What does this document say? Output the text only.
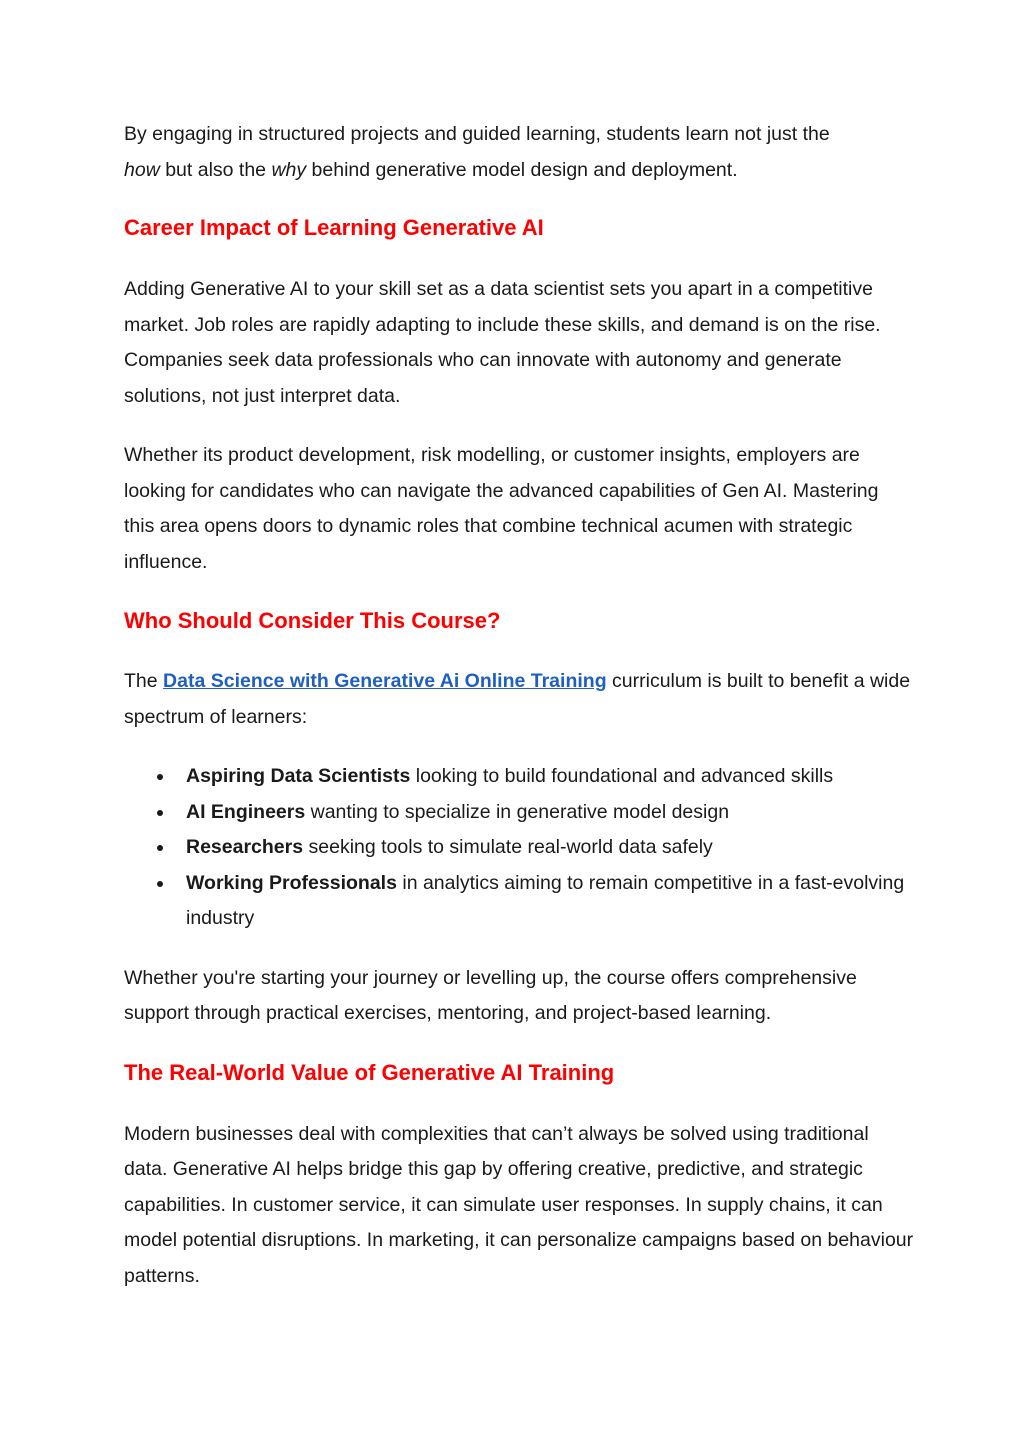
By engaging in structured projects and guided learning, students learn not just the
how but also the why behind generative model design and deployment.

Career Impact of Learning Generative AI

Adding Generative AI to your skill set as a data scientist sets you apart in a competitive market. Job roles are rapidly adapting to include these skills, and demand is on the rise. Companies seek data professionals who can innovate with autonomy and generate solutions, not just interpret data.

Whether its product development, risk modelling, or customer insights, employers are looking for candidates who can navigate the advanced capabilities of Gen AI. Mastering this area opens doors to dynamic roles that combine technical acumen with strategic influence.

Who Should Consider This Course?

The Data Science with Generative Ai Online Training curriculum is built to benefit a wide spectrum of learners:

Aspiring Data Scientists looking to build foundational and advanced skills
AI Engineers wanting to specialize in generative model design
Researchers seeking tools to simulate real-world data safely
Working Professionals in analytics aiming to remain competitive in a fast-evolving industry

Whether you're starting your journey or levelling up, the course offers comprehensive support through practical exercises, mentoring, and project-based learning.

The Real-World Value of Generative AI Training

Modern businesses deal with complexities that can’t always be solved using traditional data. Generative AI helps bridge this gap by offering creative, predictive, and strategic capabilities. In customer service, it can simulate user responses. In supply chains, it can model potential disruptions. In marketing, it can personalize campaigns based on behaviour patterns.
